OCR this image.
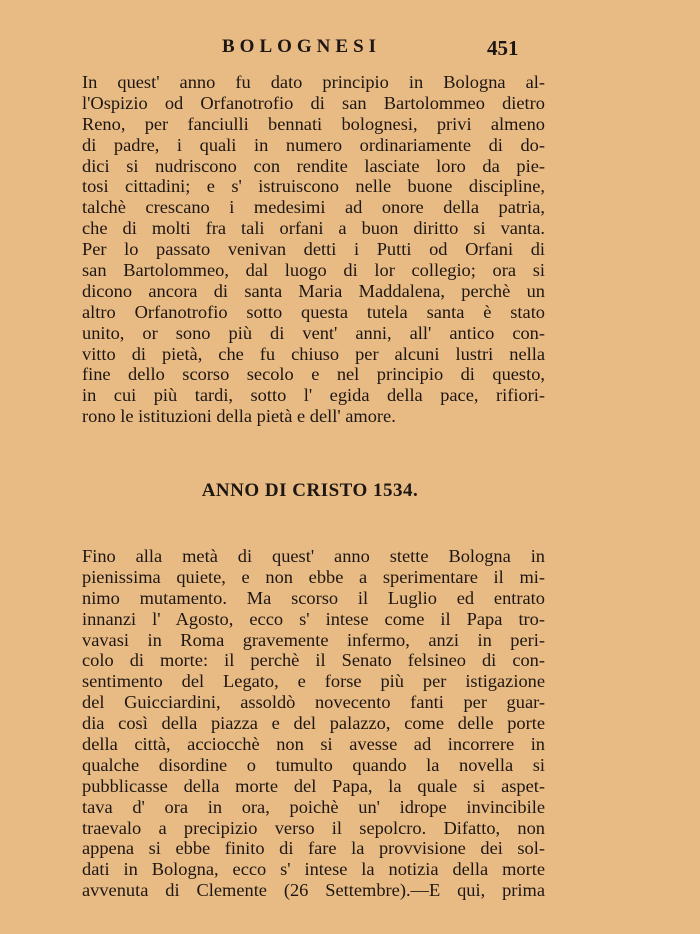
BOLOGNESI	451
In quest' anno fu dato principio in Bologna al-
l'Ospizio od Orfanotrofio di san Bartolommeo dietro
Reno, per fanciulli bennati bolognesi, privi almeno
di padre, i quali in numero ordinariamente di do-
dici si nudriscono con rendite lasciate loro da pie-
tosi cittadini; e s' istruiscono nelle buone discipline,
talchè crescano i medesimi ad onore della patria,
che di molti fra tali orfani a buon diritto si vanta.
Per lo passato venivan detti i Putti od Orfani di
san Bartolommeo, dal luogo di lor collegio; ora si
dicono ancora di santa Maria Maddalena, perchè un
altro Orfanotrofio sotto questa tutela santa è stato
unito, or sono più di vent' anni, all' antico con-
vitto di pietà, che fu chiuso per alcuni lustri nella
fine dello scorso secolo e nel principio di questo,
in cui più tardi, sotto l' egida della pace, rifiori-
rono le istituzioni della pietà e dell' amore.
ANNO DI CRISTO 1534.
Fino alla metà di quest' anno stette Bologna in
pienissima quiete, e non ebbe a sperimentare il mi-
nimo mutamento. Ma scorso il Luglio ed entrato
innanzi l' Agosto, ecco s' intese come il Papa tro-
vavasi in Roma gravemente infermo, anzi in peri-
colo di morte: il perchè il Senato felsineo di con-
sentimento del Legato, e forse più per istigazione
del Guicciardini, assoldò novecento fanti per guar-
dia così della piazza e del palazzo, come delle porte
della città, acciocchè non si avesse ad incorrere in
qualche disordine o tumulto quando la novella si
pubblicasse della morte del Papa, la quale si aspet-
tava d' ora in ora, poichè un' idrope invincibile
traevalo a precipizio verso il sepolcro. Difatto, non
appena si ebbe finito di fare la provvisione dei sol-
dati in Bologna, ecco s' intese la notizia della morte
avvenuta di Clemente (26 Settembre).—E qui, prima
